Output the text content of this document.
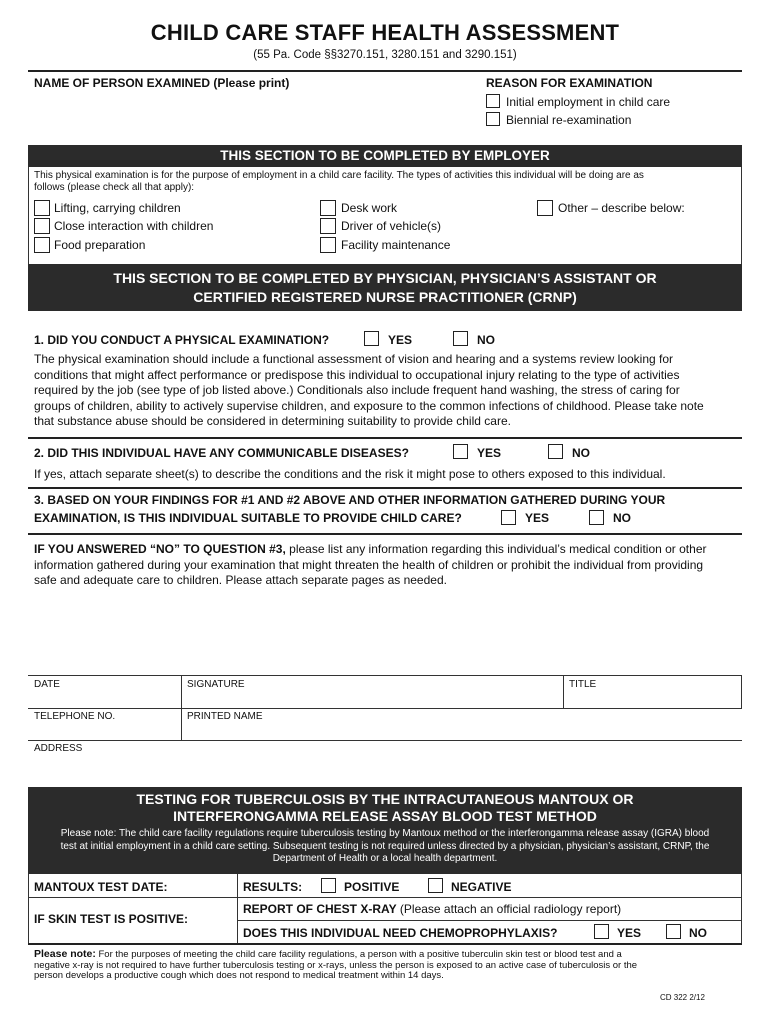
CHILD CARE STAFF HEALTH ASSESSMENT
(55 Pa. Code §§3270.151, 3280.151 and 3290.151)
NAME OF PERSON EXAMINED (Please print)	REASON FOR EXAMINATION
Initial employment in child care
Biennial re-examination
THIS SECTION TO BE COMPLETED BY EMPLOYER
This physical examination is for the purpose of employment in a child care facility. The types of activities this individual will be doing are as
follows (please check all that apply):
Lifting, carrying children
Close interaction with children
Food preparation
Desk work
Driver of vehicle(s)
Facility maintenance
Other – describe below:
THIS SECTION TO BE COMPLETED BY PHYSICIAN, PHYSICIAN’S ASSISTANT OR
CERTIFIED REGISTERED NURSE PRACTITIONER (CRNP)
1. DID YOU CONDUCT A PHYSICAL EXAMINATION?	YES	NO
The physical examination should include a functional assessment of vision and hearing and a systems review looking for
conditions that might affect performance or predispose this individual to occupational injury relating to the type of activities
required by the job (see type of job listed above.) Conditionals also include frequent hand washing, the stress of caring for
groups of children, ability to actively supervise children, and exposure to the common infections of childhood. Please take note
that substance abuse should be considered in determining suitability to provide child care.
2. DID THIS INDIVIDUAL HAVE ANY COMMUNICABLE DISEASES?	YES	NO
If yes, attach separate sheet(s) to describe the conditions and the risk it might pose to others exposed to this individual.
3. BASED ON YOUR FINDINGS FOR #1 AND #2 ABOVE AND OTHER INFORMATION GATHERED DURING YOUR
EXAMINATION, IS THIS INDIVIDUAL SUITABLE TO PROVIDE CHILD CARE?	YES	NO
IF YOU ANSWERED “NO” TO QUESTION #3, please list any information regarding this individual’s medical condition or other
information gathered during your examination that might threaten the health of children or prohibit the individual from providing
safe and adequate care to children. Please attach separate pages as needed.
DATE	SIGNATURE	TITLE
TELEPHONE NO.	PRINTED NAME
ADDRESS
TESTING FOR TUBERCULOSIS BY THE INTRACUTANEOUS MANTOUX OR
INTERFERONGAMMA RELEASE ASSAY BLOOD TEST METHOD
Please note: The child care facility regulations require tuberculosis testing by Mantoux method or the interferongamma release assay (IGRA) blood
test at initial employment in a child care setting. Subsequent testing is not required unless directed by a physician, physician’s assistant, CRNP, the
Department of Health or a local health department.
MANTOUX TEST DATE:	RESULTS:	POSITIVE	NEGATIVE
IF SKIN TEST IS POSITIVE:
REPORT OF CHEST X-RAY (Please attach an official radiology report)
DOES THIS INDIVIDUAL NEED CHEMOPROPHYLAXIS?	YES	NO
Please note: For the purposes of meeting the child care facility regulations, a person with a positive tuberculin skin test or blood test and a
negative x-ray is not required to have further tuberculosis testing or x-rays, unless the person is exposed to an active case of tuberculosis or the
person develops a productive cough which does not respond to medical treatment within 14 days.
CD 322 2/12
